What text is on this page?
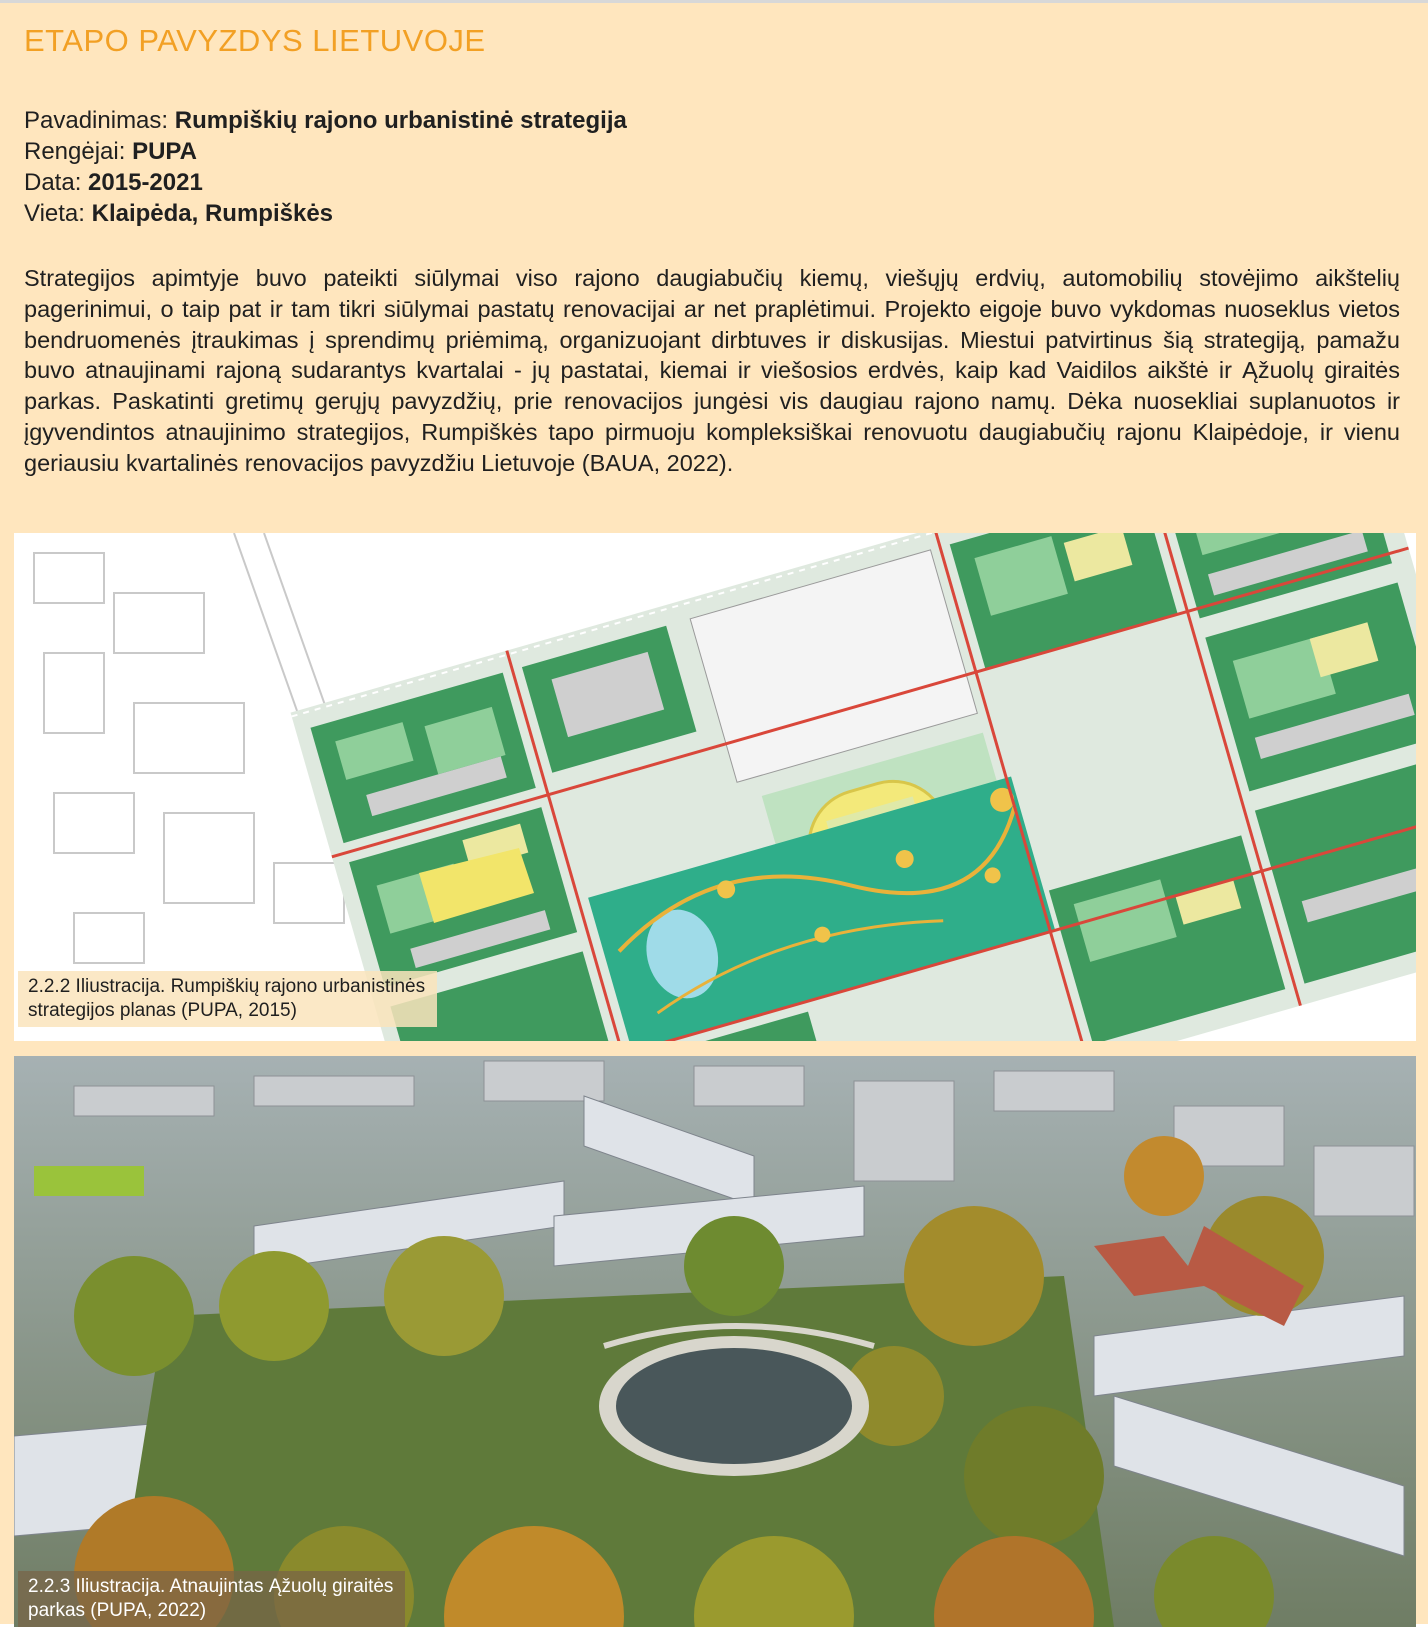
ETAPO PAVYZDYS LIETUVOJE
Pavadinimas: Rumpiškių rajono urbanistinė strategija
Rengėjai: PUPA
Data: 2015-2021
Vieta: Klaipėda, Rumpiškės

Strategijos apimtyje buvo pateikti siūlymai viso rajono daugiabučių kiemų, viešųjų erdvių, automobilių stovėjimo aikštelių pagerinimui, o taip pat ir tam tikri siūlymai pastatų renovacijai ar net praplėtimui. Projekto eigoje buvo vykdomas nuoseklus vietos bendruomenės įtraukimas į sprendimų priėmimą, organizuojant dirbtuves ir diskusijas. Miestui patvirtinus šią strategiją, pamažu buvo atnaujinami rajoną sudarantys kvartalai - jų pastatai, kiemai ir viešosios erdvės, kaip kad Vaidilos aikštė ir Ąžuolų giraitės parkas. Paskatinti gretimų gerųjų pavyzdžių, prie renovacijos jungėsi vis daugiau rajono namų. Dėka nuosekliai suplanuotos ir įgyvendintos atnaujinimo strategijos, Rumpiškės tapo pirmuoju kompleksiškai renovuotu daugiabučių rajonu Klaipėdoje, ir vienu geriausiu kvartalinės renovacijos pavyzdžiu Lietuvoje (BAUA, 2022).

2.2.2 Iliustracija. Rumpiškių rajono urbanistinės
strategijos planas (PUPA, 2015)
2.2.3 Iliustracija. Atnaujintas Ąžuolų giraitės
parkas (PUPA, 2022)
